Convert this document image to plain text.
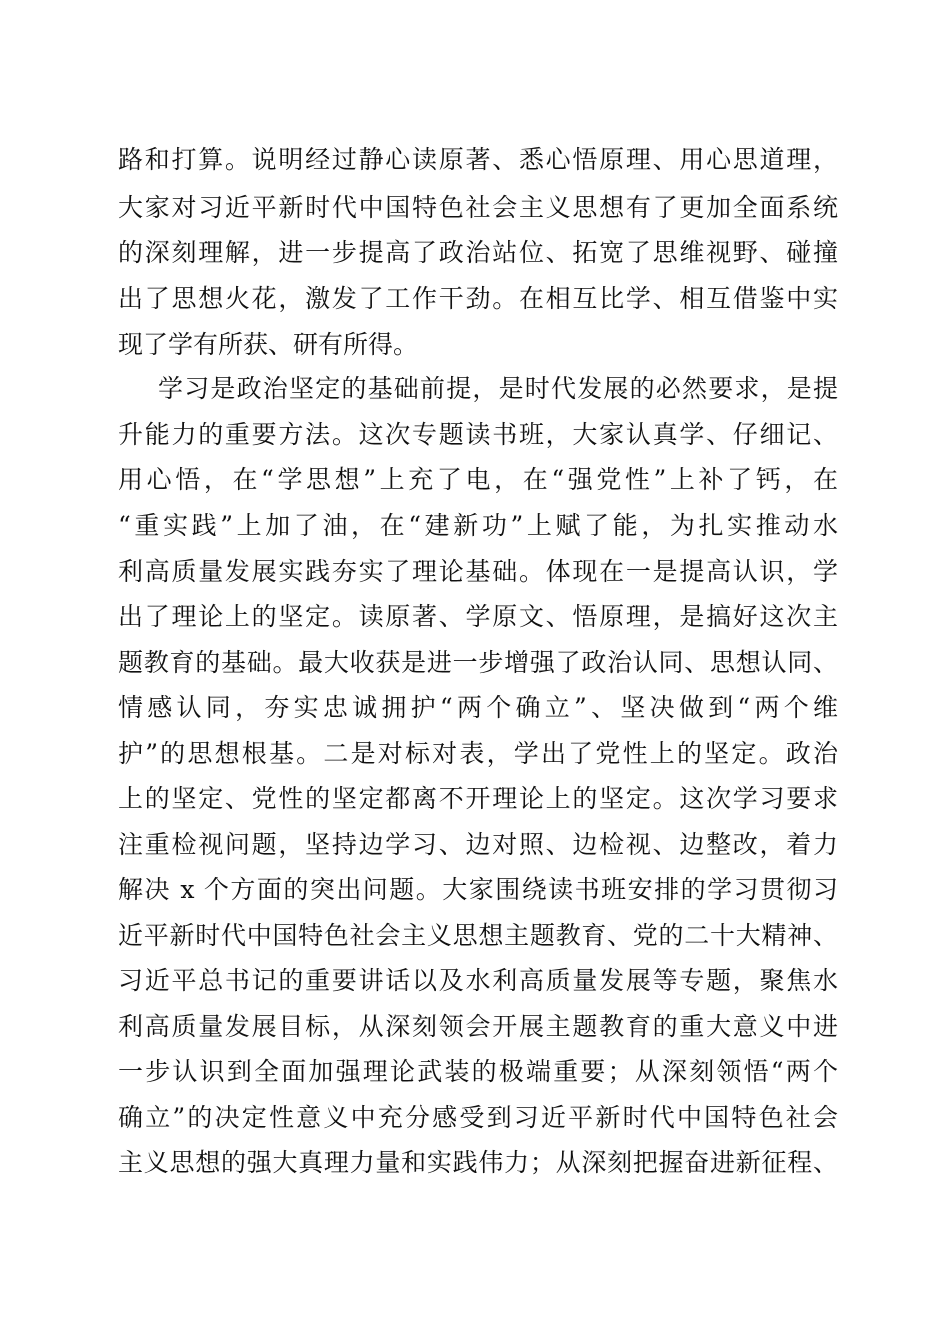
路和打算。说明经过静心读原著、悉心悟原理、用心思道理，
大家对习近平新时代中国特色社会主义思想有了更加全面系统
的深刻理解，进一步提高了政治站位、拓宽了思维视野、碰撞
出了思想火花，激发了工作干劲。在相互比学、相互借鉴中实
现了学有所获、研有所得。
学习是政治坚定的基础前提，是时代发展的必然要求，是提
升能力的重要方法。这次专题读书班，大家认真学、仔细记、
用心悟，在“学思想”上充了电，在“强党性”上补了钙，在
“重实践”上加了油，在“建新功”上赋了能，为扎实推动水
利高质量发展实践夯实了理论基础。体现在一是提高认识，学
出了理论上的坚定。读原著、学原文、悟原理，是搞好这次主
题教育的基础。最大收获是进一步增强了政治认同、思想认同、
情感认同，夯实忠诚拥护“两个确立”、坚决做到“两个维
护”的思想根基。二是对标对表，学出了党性上的坚定。政治
上的坚定、党性的坚定都离不开理论上的坚定。这次学习要求
注重检视问题，坚持边学习、边对照、边检视、边整改，着力
解决 x 个方面的突出问题。大家围绕读书班安排的学习贯彻习
近平新时代中国特色社会主义思想主题教育、党的二十大精神、
习近平总书记的重要讲话以及水利高质量发展等专题，聚焦水
利高质量发展目标，从深刻领会开展主题教育的重大意义中进
一步认识到全面加强理论武装的极端重要；从深刻领悟“两个
确立”的决定性意义中充分感受到习近平新时代中国特色社会
主义思想的强大真理力量和实践伟力；从深刻把握奋进新征程、
